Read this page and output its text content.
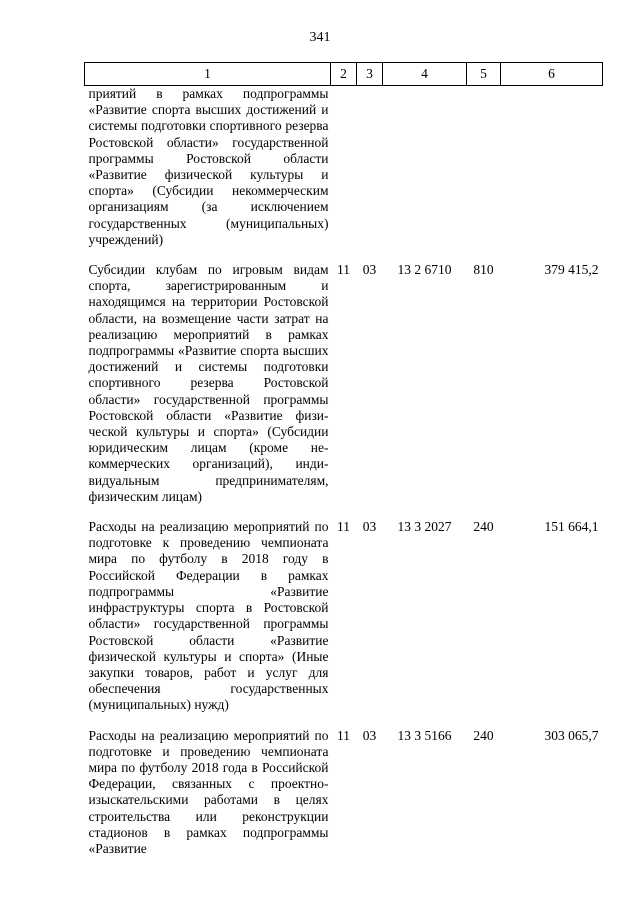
341
1	2	3	4	5	6
приятий в рамках подпрограммы «Развитие спорта высших достижений и системы подготовки спортивного резерва Ростовской области» государственной программы Ростовской области «Развитие физической культуры и спорта» (Субсидии некоммерческим организациям (за исключением государственных (муниципальных) учреждений)					

Субсидии клубам по игровым видам спорта, зарегистрированным и находящимся на территории Ростовской области, на возмещение части затрат на реализацию мероприятий в рамках подпрограммы «Развитие спорта высших достижений и системы подготовки спортивного резерва Ростовской области» государственной программы Ростовской области «Развитие физической культуры и спорта» (Субсидии юридическим лицам (кроме некоммерческих организаций), индивидуальным предпринимателям, физическим лицам)	11	03	13 2 6710	810	379 415,2

Расходы на реализацию мероприятий по подготовке к проведению чемпионата мира по футболу в 2018 году в Российской Федерации в рамках подпрограммы «Развитие инфраструктуры спорта в Ростовской области» государственной программы Ростовской области «Развитие физической культуры и спорта» (Иные закупки товаров, работ и услуг для обеспечения государственных (муниципальных) нужд)	11	03	13 3 2027	240	151 664,1

Расходы на реализацию мероприятий по подготовке и проведению чемпионата мира по футболу 2018 года в Российской Федерации, связанных с проектно-изыскательскими работами в целях строительства или реконструкции стадионов в рамках подпрограммы «Развитие	11	03	13 3 5166	240	303 065,7
